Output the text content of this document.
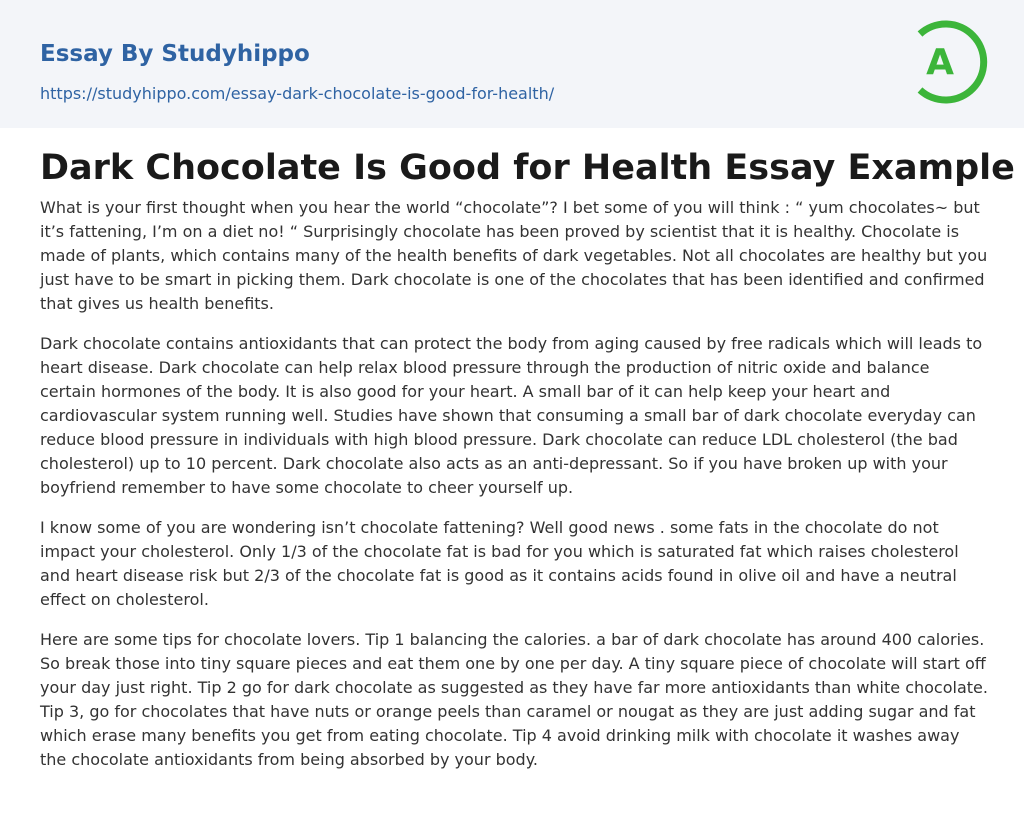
Essay By Studyhippo
https://studyhippo.com/essay-dark-chocolate-is-good-for-health/
A
Dark Chocolate Is Good for Health Essay Example

What is your first thought when you hear the world “chocolate”? I bet some of you will think : “ yum chocolates~ but it’s fattening, I’m on a diet no! “ Surprisingly chocolate has been proved by scientist that it is healthy. Chocolate is made of plants, which contains many of the health benefits of dark vegetables. Not all chocolates are healthy but you just have to be smart in picking them. Dark chocolate is one of the chocolates that has been identified and confirmed that gives us health benefits.

Dark chocolate contains antioxidants that can protect the body from aging caused by free radicals which will leads to heart disease. Dark chocolate can help relax blood pressure through the production of nitric oxide and balance certain hormones of the body. It is also good for your heart. A small bar of it can help keep your heart and cardiovascular system running well. Studies have shown that consuming a small bar of dark chocolate everyday can reduce blood pressure in individuals with high blood pressure. Dark chocolate can reduce LDL cholesterol (the bad cholesterol) up to 10 percent. Dark chocolate also acts as an anti-depressant. So if you have broken up with your boyfriend remember to have some chocolate to cheer yourself up.

I know some of you are wondering isn’t chocolate fattening? Well good news . some fats in the chocolate do not impact your cholesterol. Only 1/3 of the chocolate fat is bad for you which is saturated fat which raises cholesterol and heart disease risk but 2/3 of the chocolate fat is good as it contains acids found in olive oil and have a neutral effect on cholesterol.

Here are some tips for chocolate lovers. Tip 1 balancing the calories. a bar of dark chocolate has around 400 calories. So break those into tiny square pieces and eat them one by one per day. A tiny square piece of chocolate will start off your day just right. Tip 2 go for dark chocolate as suggested as they have far more antioxidants than white chocolate. Tip 3, go for chocolates that have nuts or orange peels than caramel or nougat as they are just adding sugar and fat which erase many benefits you get from eating chocolate. Tip 4 avoid drinking milk with chocolate it washes away the chocolate antioxidants from being absorbed by your body.
